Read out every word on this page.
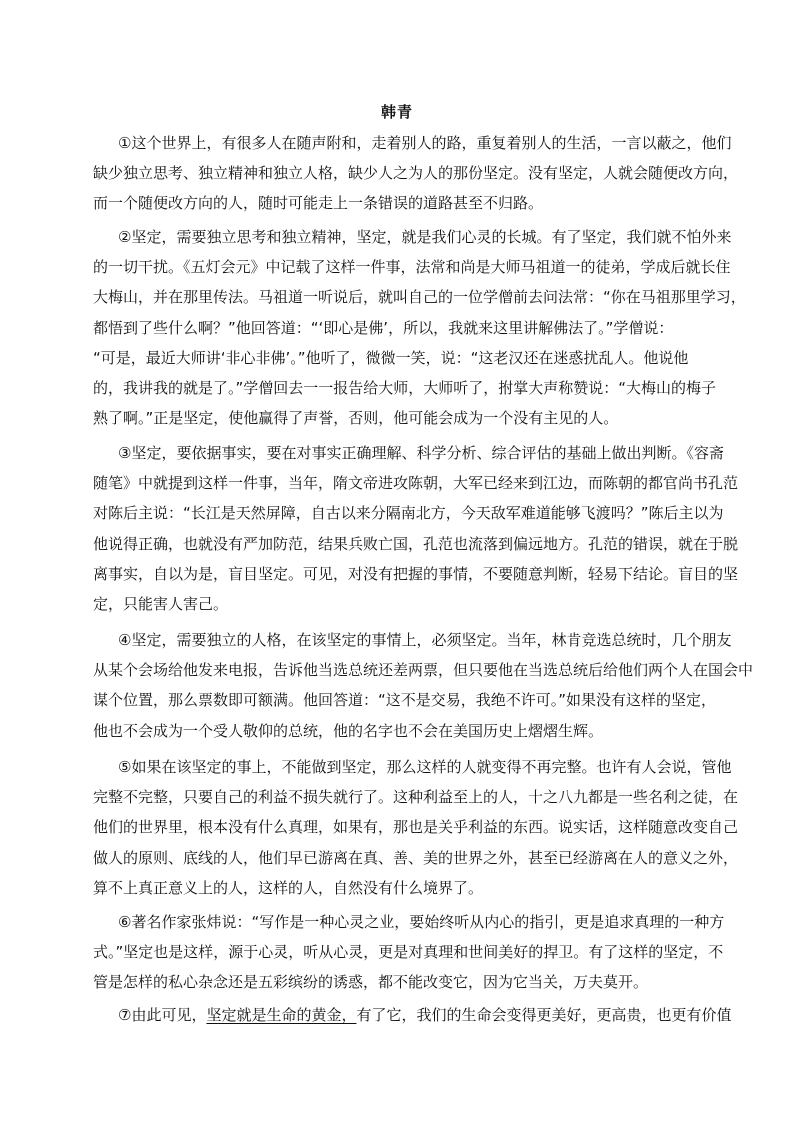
韩青
①这个世界上，有很多人在随声附和，走着别人的路，重复着别人的生活，一言以蔽之，他们
缺少独立思考、独立精神和独立人格，缺少人之为人的那份坚定。没有坚定，人就会随便改方向，
而一个随便改方向的人，随时可能走上一条错误的道路甚至不归路。
②坚定，需要独立思考和独立精神，坚定，就是我们心灵的长城。有了坚定，我们就不怕外来
的一切干扰。《五灯会元》中记载了这样一件事，法常和尚是大师马祖道一的徒弟，学成后就长住
大梅山，并在那里传法。马祖道一听说后，就叫自己的一位学僧前去问法常：“你在马祖那里学习，
都悟到了些什么啊？”他回答道：“‘即心是佛’，所以，我就来这里讲解佛法了。”学僧说：
“可是，最近大师讲‘非心非佛’。”他听了，微微一笑，说：“这老汉还在迷惑扰乱人。他说他
的，我讲我的就是了。”学僧回去一一报告给大师，大师听了，拊掌大声称赞说：“大梅山的梅子
熟了啊。”正是坚定，使他赢得了声誉，否则，他可能会成为一个没有主见的人。
③坚定，要依据事实，要在对事实正确理解、科学分析、综合评估的基础上做出判断。《容斋
随笔》中就提到这样一件事，当年，隋文帝进攻陈朝，大军已经来到江边，而陈朝的都官尚书孔范
对陈后主说：“长江是天然屏障，自古以来分隔南北方，今天敌军难道能够飞渡吗？”陈后主以为
他说得正确，也就没有严加防范，结果兵败亡国，孔范也流落到偏远地方。孔范的错误，就在于脱
离事实，自以为是，盲目坚定。可见，对没有把握的事情，不要随意判断，轻易下结论。盲目的坚
定，只能害人害己。
④坚定，需要独立的人格，在该坚定的事情上，必须坚定。当年，林肯竞选总统时，几个朋友
从某个会场给他发来电报，告诉他当选总统还差两票，但只要他在当选总统后给他们两个人在国会中
谋个位置，那么票数即可额满。他回答道：“这不是交易，我绝不许可。”如果没有这样的坚定，
他也不会成为一个受人敬仰的总统，他的名字也不会在美国历史上熠熠生辉。
⑤如果在该坚定的事上，不能做到坚定，那么这样的人就变得不再完整。也许有人会说，管他
完整不完整，只要自己的利益不损失就行了。这种利益至上的人，十之八九都是一些名利之徒，在
他们的世界里，根本没有什么真理，如果有，那也是关乎利益的东西。说实话，这样随意改变自己
做人的原则、底线的人，他们早已游离在真、善、美的世界之外，甚至已经游离在人的意义之外，
算不上真正意义上的人，这样的人，自然没有什么境界了。
⑥著名作家张炜说：“写作是一种心灵之业，要始终听从内心的指引，更是追求真理的一种方
式。”坚定也是这样，源于心灵，听从心灵，更是对真理和世间美好的捍卫。有了这样的坚定，不
管是怎样的私心杂念还是五彩缤纷的诱惑，都不能改变它，因为它当关，万夫莫开。
⑦由此可见，坚定就是生命的黄金，有了它，我们的生命会变得更美好，更高贵，也更有价值
